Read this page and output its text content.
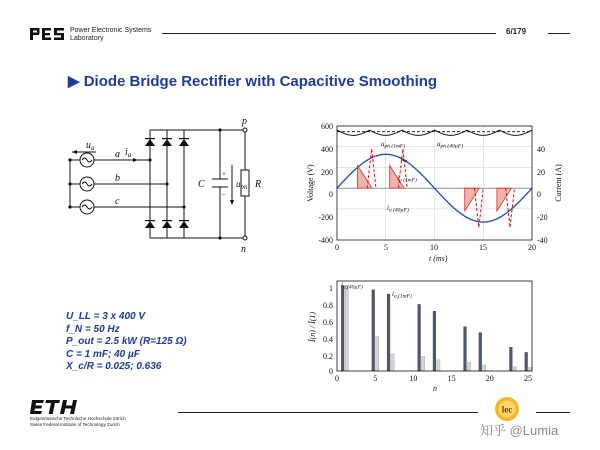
Power Electronic Systems
Laboratory
6/179
▶ Diode Bridge Rectifier with Capacitive Smoothing
$u_a$	$i_a$
a
b
c
p
n
C	R
$u_{pn}$
+
−
600
400
200
0
-200
-400
40
20
0
-20
-40
0	5	10	15	20
Voltage (V)	Current (A)
t (ms)
$u_{pn (1mF)}$	$u_{pn (40\mu F)}$
$u_a$
$i_{a (1mF)}$
$i_{a (40\mu F)}$
1
0.8
0.6
0.4
0.2
0
0	5	10	15	20	25
Î(n) / Î(1)
n
$i_{a,(40\mu F)}$
$i_{a,(1mF)}$
U_LL = 3 x 400 V
f_N = 50 Hz
P_out = 2.5 kW (R=125 Ω)
C = 1 mF; 40 µF
X_c/R = 0.025; 0.636
Eidgenössische Technische Hochschule Zürich
Swiss Federal Institute of Technology Zurich
lec
知乎 @Lumia
